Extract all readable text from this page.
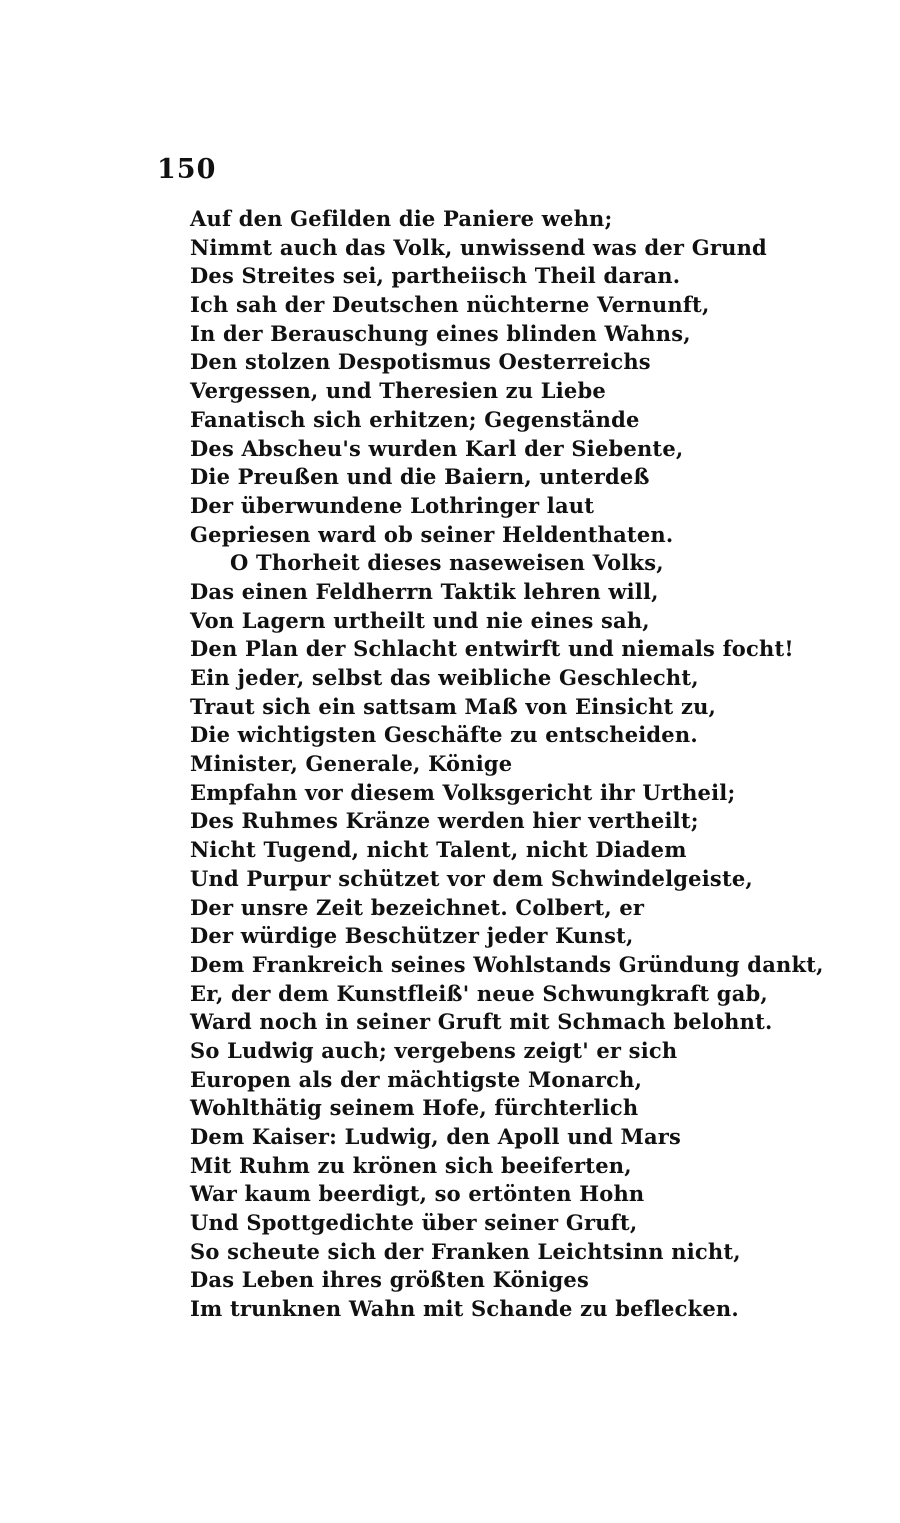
150
Auf den Gefilden die Paniere wehn;
Nimmt auch das Volk, unwissend was der Grund
Des Streites sei, partheiisch Theil daran.
Ich sah der Deutschen nüchterne Vernunft,
In der Berauschung eines blinden Wahns,
Den stolzen Despotismus Oesterreichs
Vergessen, und Theresien zu Liebe
Fanatisch sich erhitzen; Gegenstände
Des Abscheu's wurden Karl der Siebente,
Die Preußen und die Baiern, unterdeß
Der überwundene Lothringer laut
Gepriesen ward ob seiner Heldenthaten.
O Thorheit dieses naseweisen Volks,
Das einen Feldherrn Taktik lehren will,
Von Lagern urtheilt und nie eines sah,
Den Plan der Schlacht entwirft und niemals focht!
Ein jeder, selbst das weibliche Geschlecht,
Traut sich ein sattsam Maß von Einsicht zu,
Die wichtigsten Geschäfte zu entscheiden.
Minister, Generale, Könige
Empfahn vor diesem Volksgericht ihr Urtheil;
Des Ruhmes Kränze werden hier vertheilt;
Nicht Tugend, nicht Talent, nicht Diadem
Und Purpur schützet vor dem Schwindelgeiste,
Der unsre Zeit bezeichnet. Colbert, er
Der würdige Beschützer jeder Kunst,
Dem Frankreich seines Wohlstands Gründung dankt,
Er, der dem Kunstfleiß' neue Schwungkraft gab,
Ward noch in seiner Gruft mit Schmach belohnt.
So Ludwig auch; vergebens zeigt' er sich
Europen als der mächtigste Monarch,
Wohlthätig seinem Hofe, fürchterlich
Dem Kaiser: Ludwig, den Apoll und Mars
Mit Ruhm zu krönen sich beeiferten,
War kaum beerdigt, so ertönten Hohn
Und Spottgedichte über seiner Gruft,
So scheute sich der Franken Leichtsinn nicht,
Das Leben ihres größten Königes
Im trunknen Wahn mit Schande zu beflecken.
